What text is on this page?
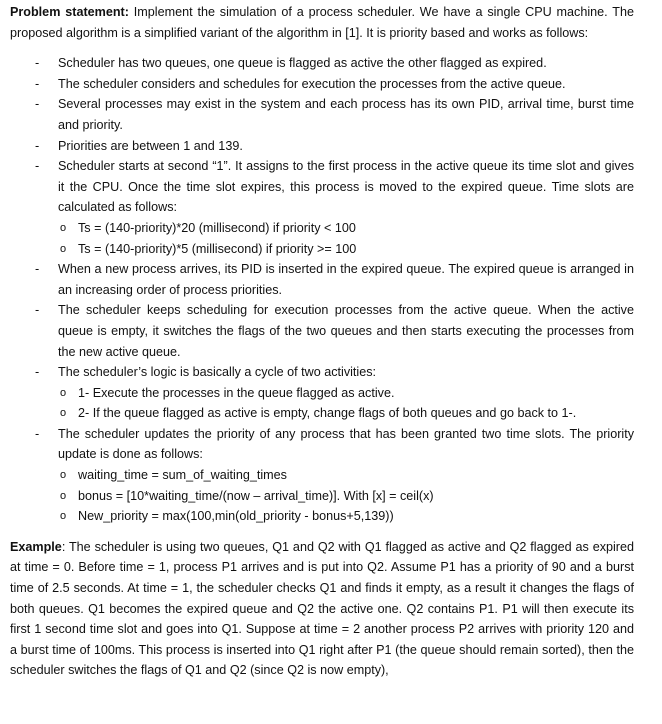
Problem statement: Implement the simulation of a process scheduler. We have a single CPU machine. The proposed algorithm is a simplified variant of the algorithm in [1]. It is priority based and works as follows:

- Scheduler has two queues, one queue is flagged as active the other flagged as expired.
- The scheduler considers and schedules for execution the processes from the active queue.
- Several processes may exist in the system and each process has its own PID, arrival time, burst time and priority.
- Priorities are between 1 and 139.
- Scheduler starts at second “1”. It assigns to the first process in the active queue its time slot and gives it the CPU. Once the time slot expires, this process is moved to the expired queue. Time slots are calculated as follows:
o Ts = (140-priority)*20 (millisecond) if priority < 100
o Ts = (140-priority)*5 (millisecond) if priority >= 100
- When a new process arrives, its PID is inserted in the expired queue. The expired queue is arranged in an increasing order of process priorities.
- The scheduler keeps scheduling for execution processes from the active queue. When the active queue is empty, it switches the flags of the two queues and then starts executing the processes from the new active queue.
- The scheduler’s logic is basically a cycle of two activities:
o 1- Execute the processes in the queue flagged as active.
o 2- If the queue flagged as active is empty, change flags of both queues and go back to 1-.
- The scheduler updates the priority of any process that has been granted two time slots. The priority update is done as follows:
o waiting_time = sum_of_waiting_times
o bonus = [10*waiting_time/(now – arrival_time)]. With [x] = ceil(x)
o New_priority = max(100,min(old_priority - bonus+5,139))

Example: The scheduler is using two queues, Q1 and Q2 with Q1 flagged as active and Q2 flagged as expired at time = 0. Before time = 1, process P1 arrives and is put into Q2. Assume P1 has a priority of 90 and a burst time of 2.5 seconds. At time = 1, the scheduler checks Q1 and finds it empty, as a result it changes the flags of both queues. Q1 becomes the expired queue and Q2 the active one. Q2 contains P1. P1 will then execute its first 1 second time slot and goes into Q1. Suppose at time = 2 another process P2 arrives with priority 120 and a burst time of 100ms. This process is inserted into Q1 right after P1 (the queue should remain sorted), then the scheduler switches the flags of Q1 and Q2 (since Q2 is now empty),
